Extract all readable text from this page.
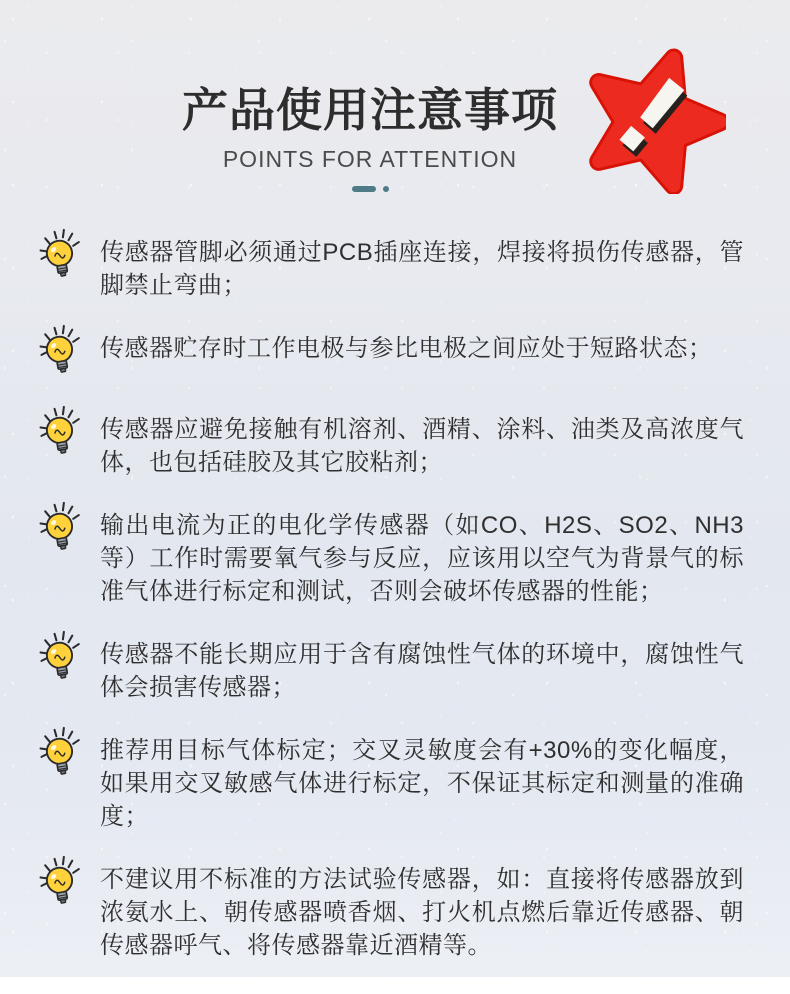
产品使用注意事项
POINTS FOR ATTENTION

传感器管脚必须通过PCB插座连接，焊接将损伤传感器，管脚禁止弯曲；

传感器贮存时工作电极与参比电极之间应处于短路状态；

传感器应避免接触有机溶剂、酒精、涂料、油类及高浓度气体，也包括硅胶及其它胶粘剂；

输出电流为正的电化学传感器（如CO、H2S、SO2、NH3等）工作时需要氧气参与反应，应该用以空气为背景气的标准气体进行标定和测试，否则会破坏传感器的性能；

传感器不能长期应用于含有腐蚀性气体的环境中，腐蚀性气体会损害传感器；

推荐用目标气体标定；交叉灵敏度会有+30%的变化幅度，如果用交叉敏感气体进行标定，不保证其标定和测量的准确度；

不建议用不标准的方法试验传感器，如：直接将传感器放到浓氨水上、朝传感器喷香烟、打火机点燃后靠近传感器、朝传感器呼气、将传感器靠近酒精等。
